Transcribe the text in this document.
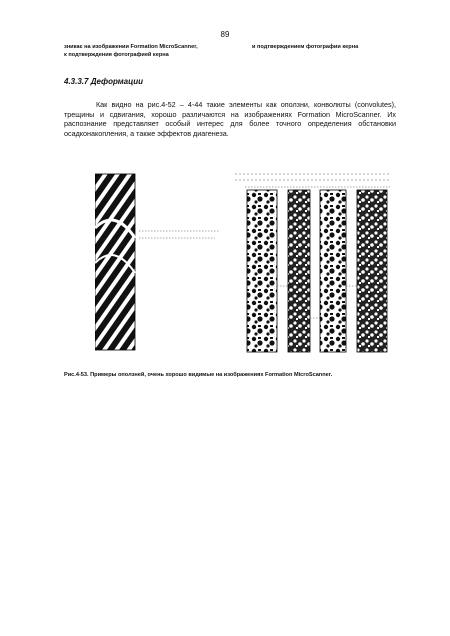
89
зникає на изображении Formation MicroScanner,
к подтверждения фотографией керна
и подтверждением фотографии керна
4.3.3.7 Деформации

Как видно на рис.4-52 – 4-44 такие элементы как оползни, конволюты (convolutes), трещины и сдвигания, хорошо различаются на изображениях Formation MicroScanner. Их распознание представляет особый интерес для более точного определения обстановки осадконакопления, а также эффектов диагенеза.

Рис.4-53. Примеры оползней, очень хорошо видимые на изображениях Formation MicroScanner.
